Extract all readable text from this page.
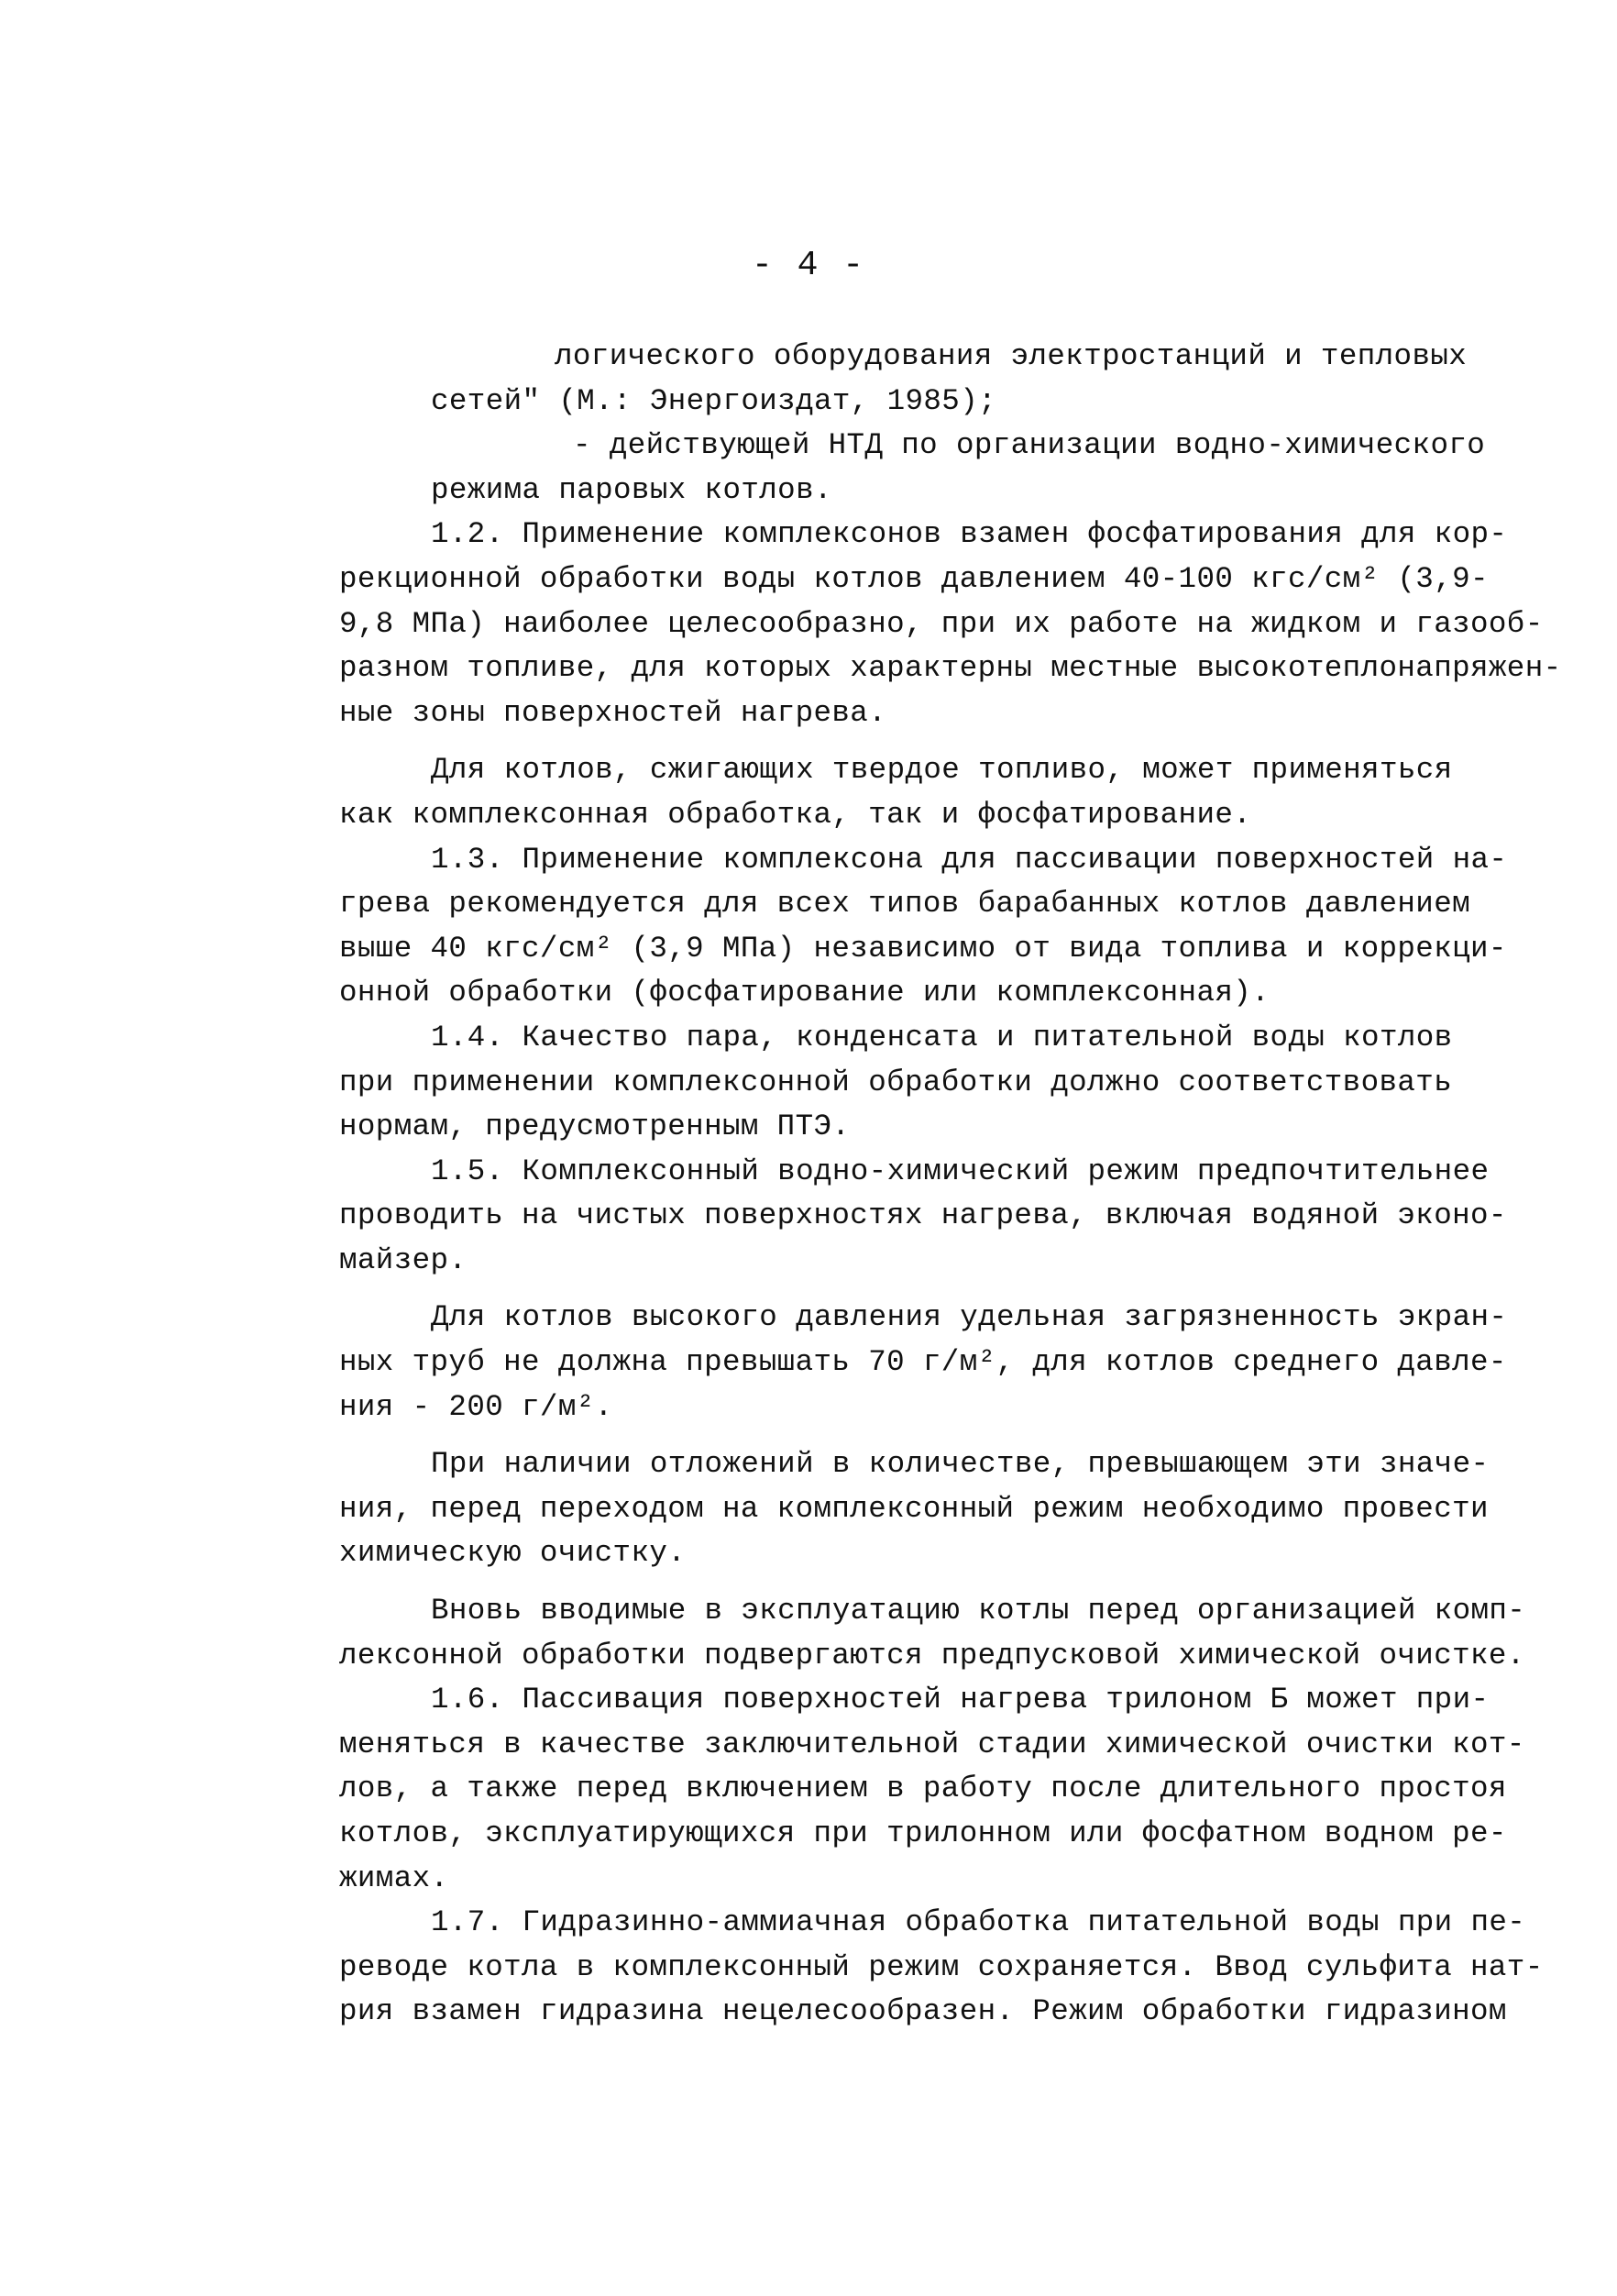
- 4 -
логического оборудования электростанций и тепловых
сетей" (М.: Энергоиздат, 1985);
- действующей НТД по организации водно-химического
режима паровых котлов.
1.2. Применение комплексонов взамен фосфатирования для кор-
рекционной обработки воды котлов давлением 40-100 кгс/см² (3,9-
9,8 МПа) наиболее целесообразно, при их работе на жидком и газооб-
разном топливе, для которых характерны местные высокотеплонапряжен-
ные зоны поверхностей нагрева.
Для котлов, сжигающих твердое топливо, может применяться
как комплексонная обработка, так и фосфатирование.
1.3. Применение комплексона для пассивации поверхностей на-
грева рекомендуется для всех типов барабанных котлов давлением
выше 40 кгс/см² (3,9 МПа) независимо от вида топлива и коррекци-
онной обработки (фосфатирование или комплексонная).
1.4. Качество пара, конденсата и питательной воды котлов
при применении комплексонной обработки должно соответствовать
нормам, предусмотренным ПТЭ.
1.5. Комплексонный водно-химический режим предпочтительнее
проводить на чистых поверхностях нагрева, включая водяной эконо-
майзер.
Для котлов высокого давления удельная загрязненность экран-
ных труб не должна превышать 70 г/м², для котлов среднего давле-
ния - 200 г/м².
При наличии отложений в количестве, превышающем эти значе-
ния, перед переходом на комплексонный режим необходимо провести
химическую очистку.
Вновь вводимые в эксплуатацию котлы перед организацией комп-
лексонной обработки подвергаются предпусковой химической очистке.
1.6. Пассивация поверхностей нагрева трилоном Б может при-
меняться в качестве заключительной стадии химической очистки кот-
лов, а также перед включением в работу после длительного простоя
котлов, эксплуатирующихся при трилонном или фосфатном водном ре-
жимах.
1.7. Гидразинно-аммиачная обработка питательной воды при пе-
реводе котла в комплексонный режим сохраняется. Ввод сульфита нат-
рия взамен гидразина нецелесообразен. Режим обработки гидразином
